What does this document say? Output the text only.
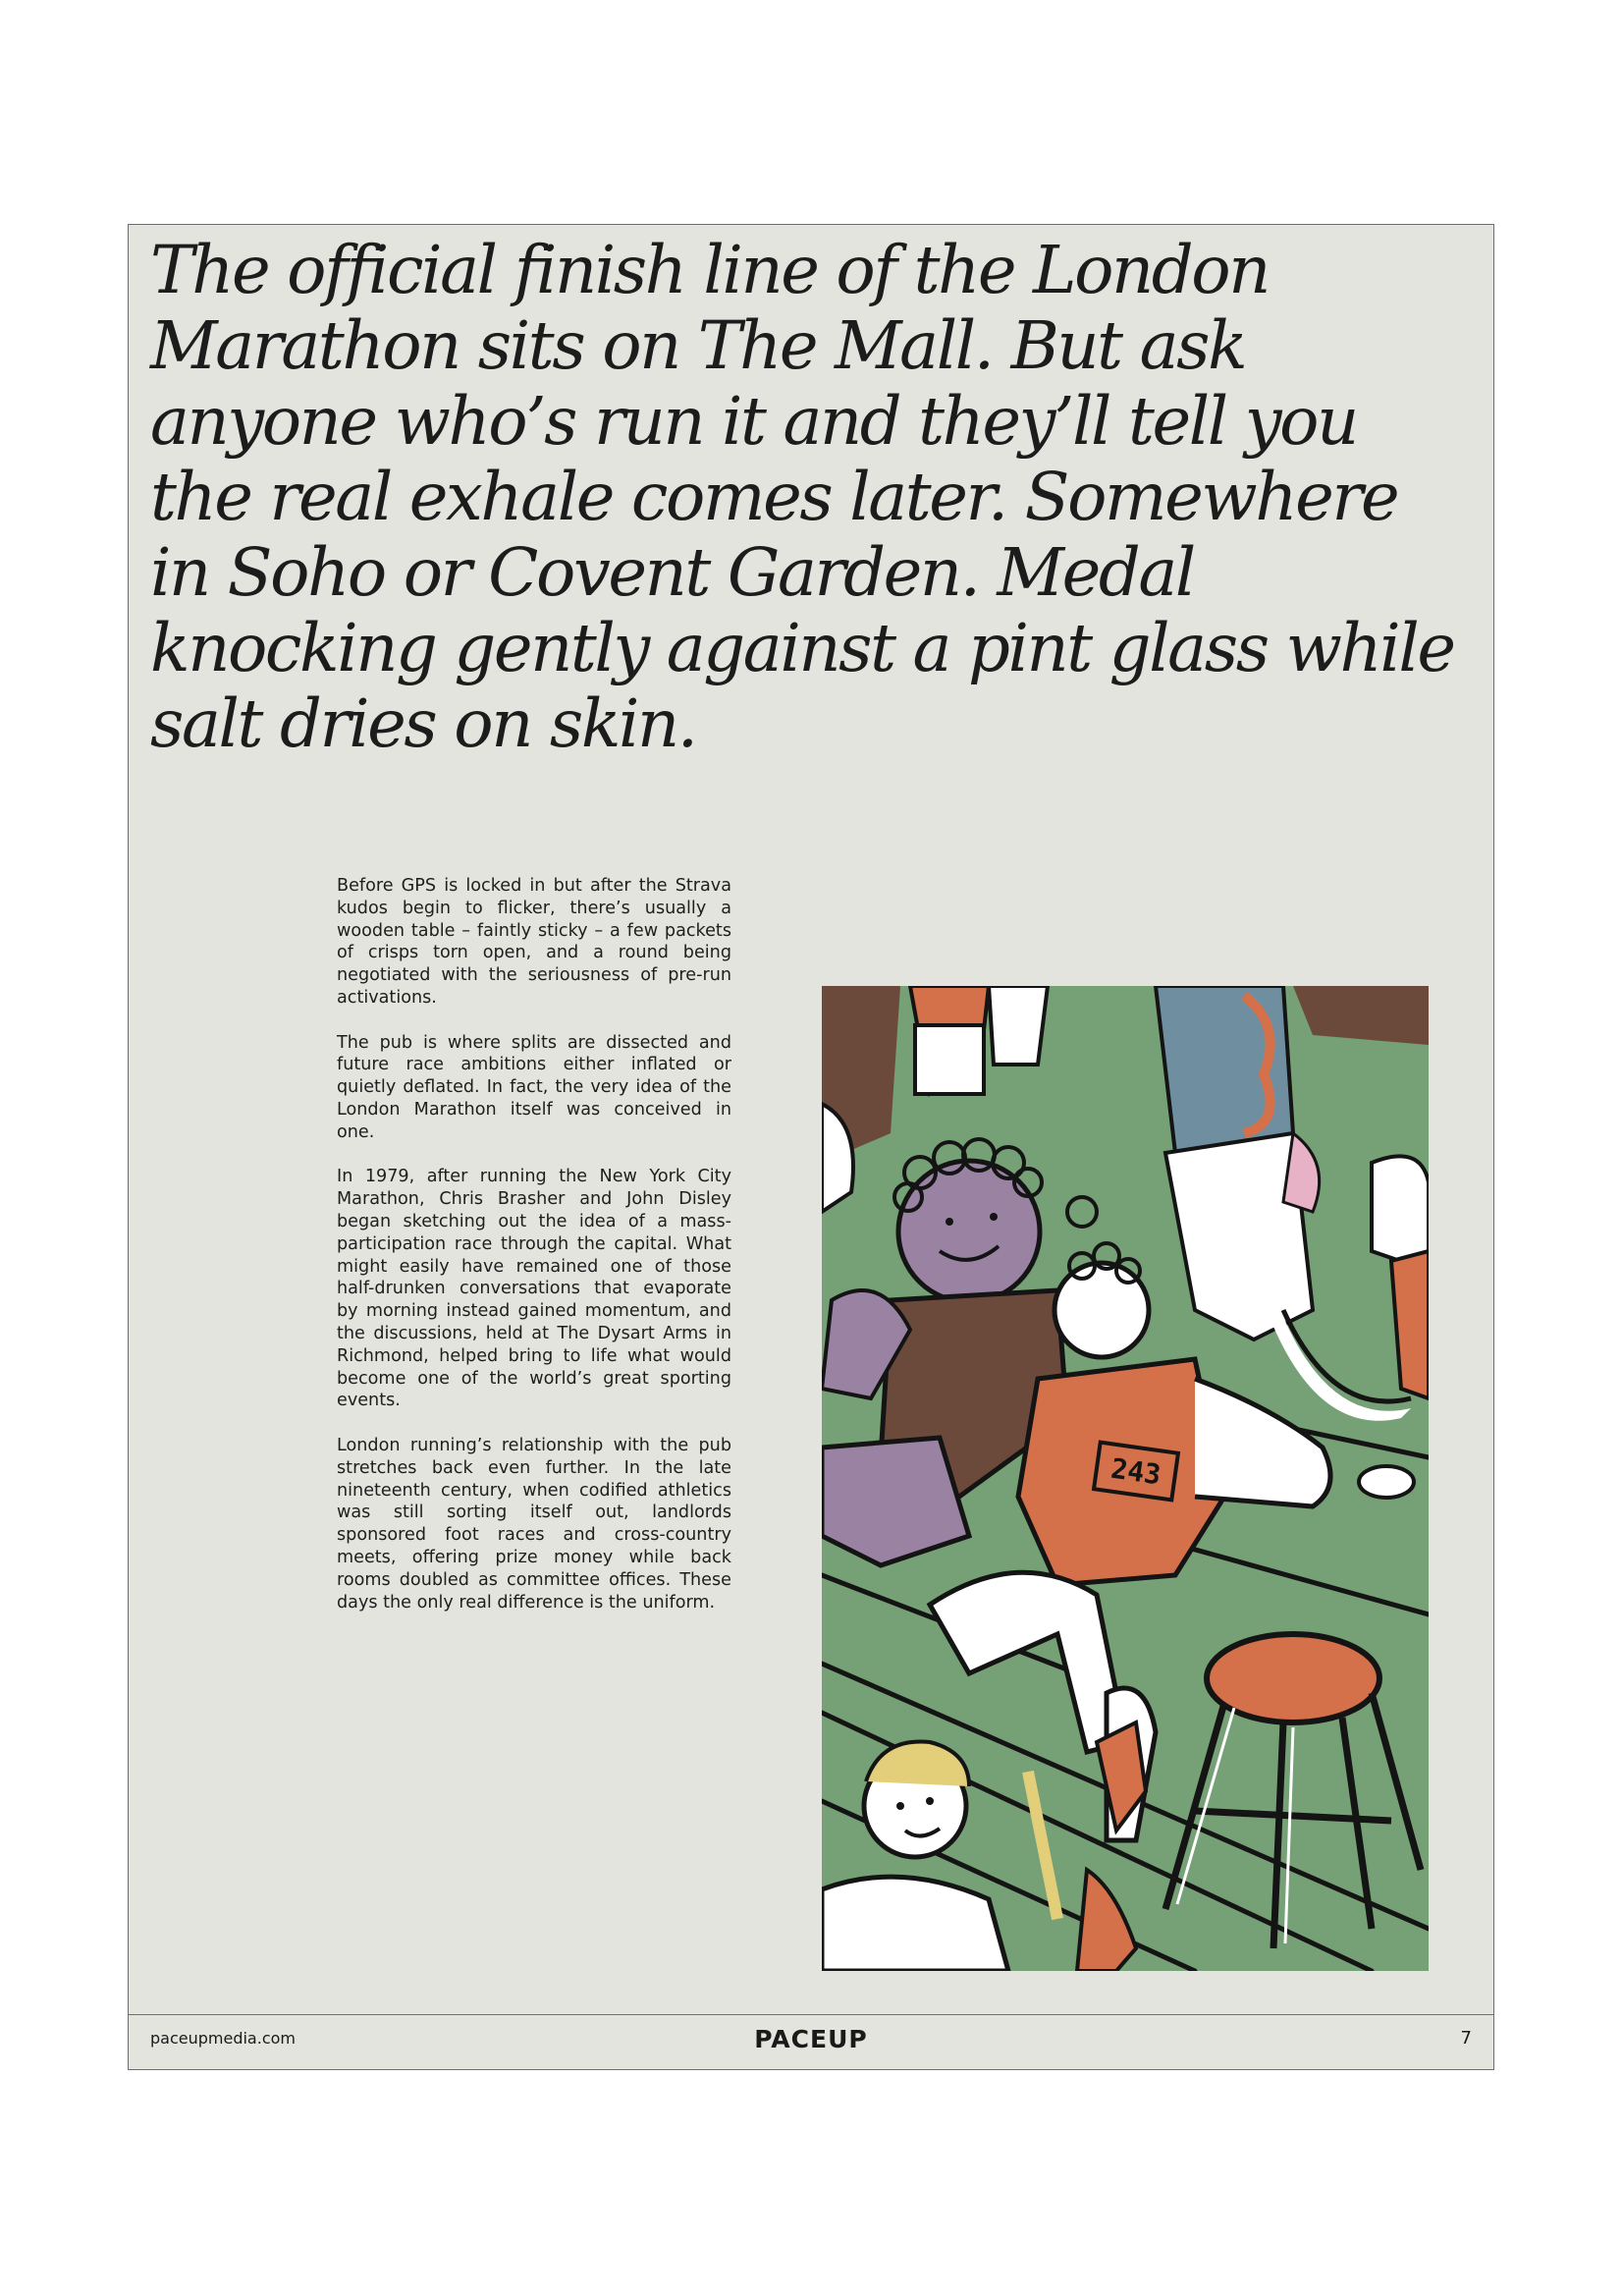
The official finish line of the London Marathon sits on The Mall. But ask anyone who’s run it and they’ll tell you the real exhale comes later. Somewhere in Soho or Covent Garden. Medal knocking gently against a pint glass while salt dries on skin.

Before GPS is locked in but after the Strava kudos begin to flicker, there’s usually a wooden table – faintly sticky – a few packets of crisps torn open, and a round being negotiated with the seriousness of pre-run activations.

The pub is where splits are dissected and future race ambitions either inflated or quietly deflated. In fact, the very idea of the London Marathon itself was conceived in one.

In 1979, after running the New York City Marathon, Chris Brasher and John Disley began sketching out the idea of a mass-participation race through the capital. What might easily have remained one of those half-drunken conversations that evaporate by morning instead gained momentum, and the discussions, held at The Dysart Arms in Richmond, helped bring to life what would become one of the world’s great sporting events.

London running’s relationship with the pub stretches back even further. In the late nineteenth century, when codified athletics was still sorting itself out, landlords sponsored foot races and cross-country meets, offering prize money while back rooms doubled as committee offices. These days the only real difference is the uniform.

243
paceupmedia.com	PACEUP	7
